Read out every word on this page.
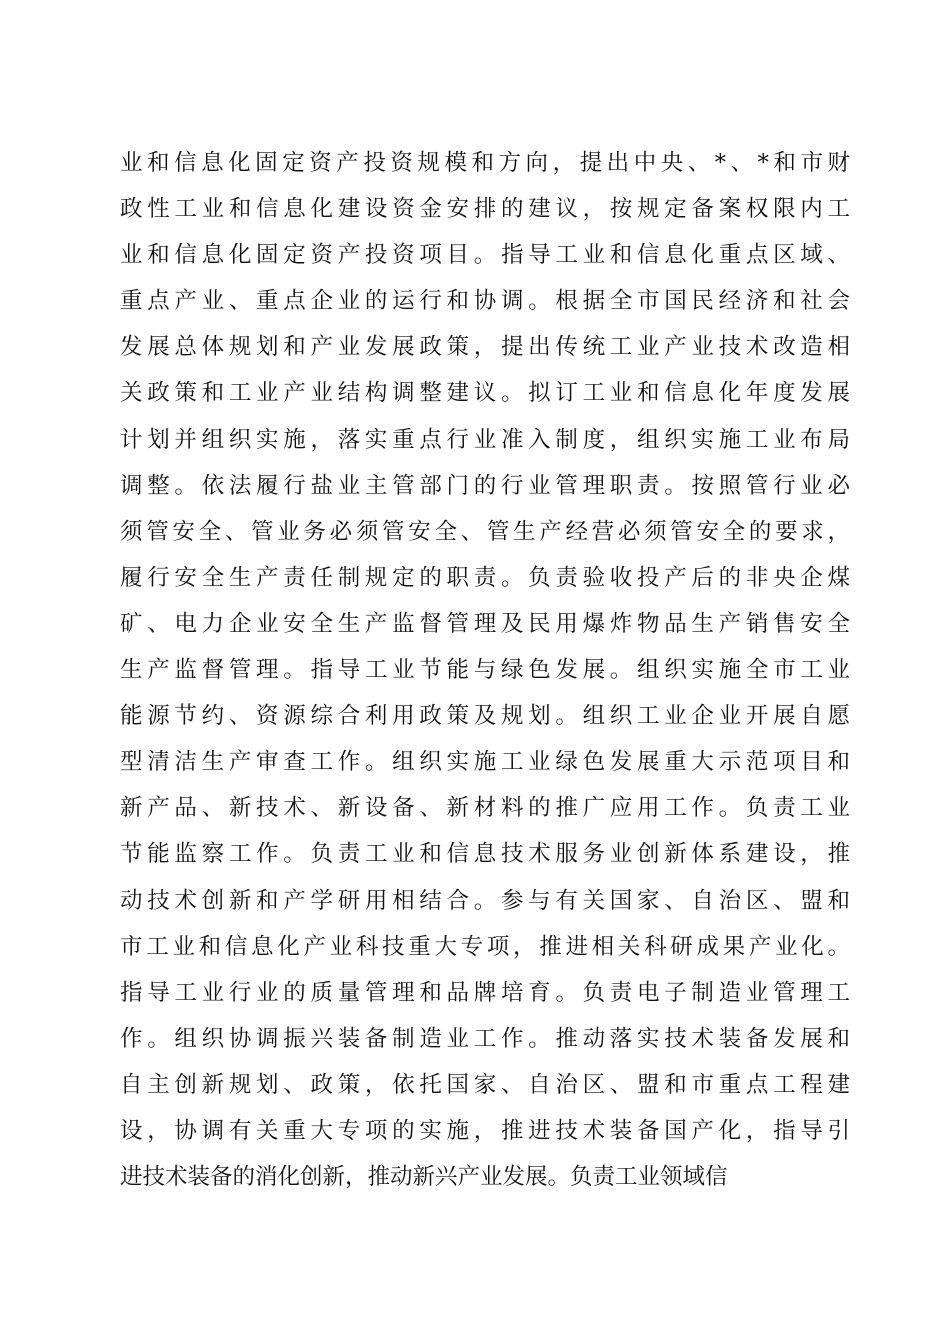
业和信息化固定资产投资规模和方向，提出中央、*、*和市财
政性工业和信息化建设资金安排的建议，按规定备案权限内工
业和信息化固定资产投资项目。指导工业和信息化重点区域、
重点产业、重点企业的运行和协调。根据全市国民经济和社会
发展总体规划和产业发展政策，提出传统工业产业技术改造相
关政策和工业产业结构调整建议。拟订工业和信息化年度发展
计划并组织实施，落实重点行业准入制度，组织实施工业布局
调整。依法履行盐业主管部门的行业管理职责。按照管行业必
须管安全、管业务必须管安全、管生产经营必须管安全的要求，
履行安全生产责任制规定的职责。负责验收投产后的非央企煤
矿、电力企业安全生产监督管理及民用爆炸物品生产销售安全
生产监督管理。指导工业节能与绿色发展。组织实施全市工业
能源节约、资源综合利用政策及规划。组织工业企业开展自愿
型清洁生产审查工作。组织实施工业绿色发展重大示范项目和
新产品、新技术、新设备、新材料的推广应用工作。负责工业
节能监察工作。负责工业和信息技术服务业创新体系建设，推
动技术创新和产学研用相结合。参与有关国家、自治区、盟和
市工业和信息化产业科技重大专项，推进相关科研成果产业化。
指导工业行业的质量管理和品牌培育。负责电子制造业管理工
作。组织协调振兴装备制造业工作。推动落实技术装备发展和
自主创新规划、政策，依托国家、自治区、盟和市重点工程建
设，协调有关重大专项的实施，推进技术装备国产化，指导引
进技术装备的消化创新，推动新兴产业发展。负责工业领域信
